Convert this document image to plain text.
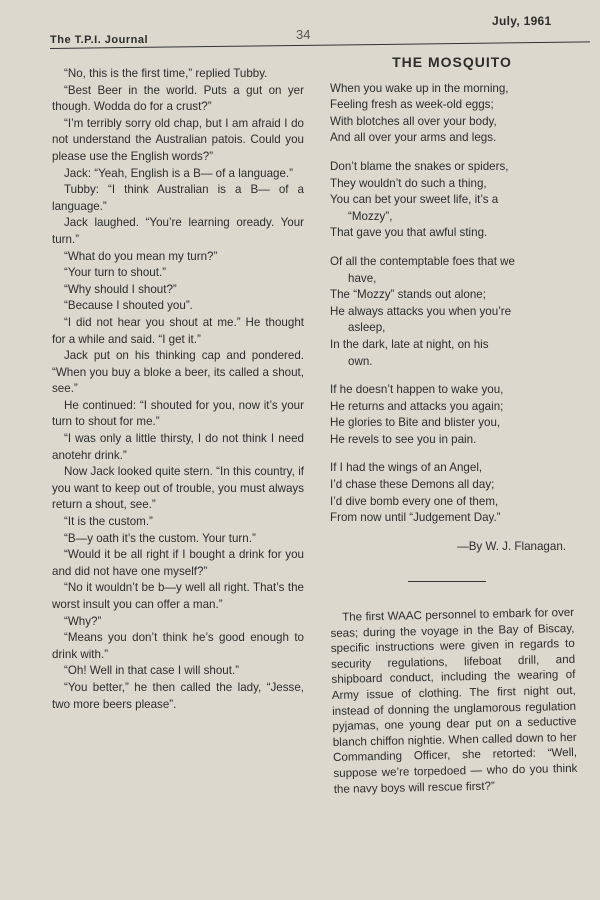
The T.P.I. Journal	34
July, 1961

“No, this is the first time,” replied Tubby.

“Best Beer in the world. Puts a gut on yer though. Wodda do for a crust?”

“I’m terribly sorry old chap, but I am afraid I do not understand the Australian patois. Could you please use the English words?”

Jack: “Yeah, English is a B— of a language.”

Tubby: “I think Australian is a B— of a language.”

Jack laughed. “You’re learning oready. Your turn.”

“What do you mean my turn?”

“Your turn to shout.”

“Why should I shout?”

“Because I shouted you”.

“I did not hear you shout at me.” He thought for a while and said. “I get it.”

Jack put on his thinking cap and pondered. “When you buy a bloke a beer, its called a shout, see.”

He continued: “I shouted for you, now it’s your turn to shout for me.”

“I was only a little thirsty, I do not think I need anotehr drink.”

Now Jack looked quite stern. “In this country, if you want to keep out of trouble, you must always return a shout, see.”

“It is the custom.”

“B—y oath it’s the custom. Your turn.”

“Would it be all right if I bought a drink for you and did not have one myself?”

“No it wouldn’t be b—y well all right. That’s the worst insult you can offer a man.”

“Why?”

“Means you don’t think he’s good enough to drink with.”

“Oh! Well in that case I will shout.”

“You better,” he then called the lady, “Jesse, two more beers please”.

THE MOSQUITO
When you wake up in the morning,
Feeling fresh as week-old eggs;
With blotches all over your body,
And all over your arms and legs.
Don’t blame the snakes or spiders,
They wouldn’t do such a thing,
You can bet your sweet life, it’s a
“Mozzy”,
That gave you that awful sting.
Of all the contemptable foes that we
have,
The “Mozzy” stands out alone;
He always attacks you when you’re
asleep,
In the dark, late at night, on his
own.
If he doesn’t happen to wake you,
He returns and attacks you again;
He glories to Bite and blister you,
He revels to see you in pain.
If I had the wings of an Angel,
I’d chase these Demons all day;
I’d dive bomb every one of them,
From now until “Judgement Day.”
—By W. J. Flanagan.

The first WAAC personnel to embark for over seas; during the voyage in the Bay of Biscay, specific instructions were given in regards to security regulations, lifeboat drill, and shipboard conduct, including the wearing of Army issue of clothing. The first night out, instead of donning the unglamorous regulation pyjamas, one young dear put on a seductive blanch chiffon nightie. When called down to her Commanding Officer, she retorted: “Well, suppose we’re torpedoed — who do you think the navy boys will rescue first?”
